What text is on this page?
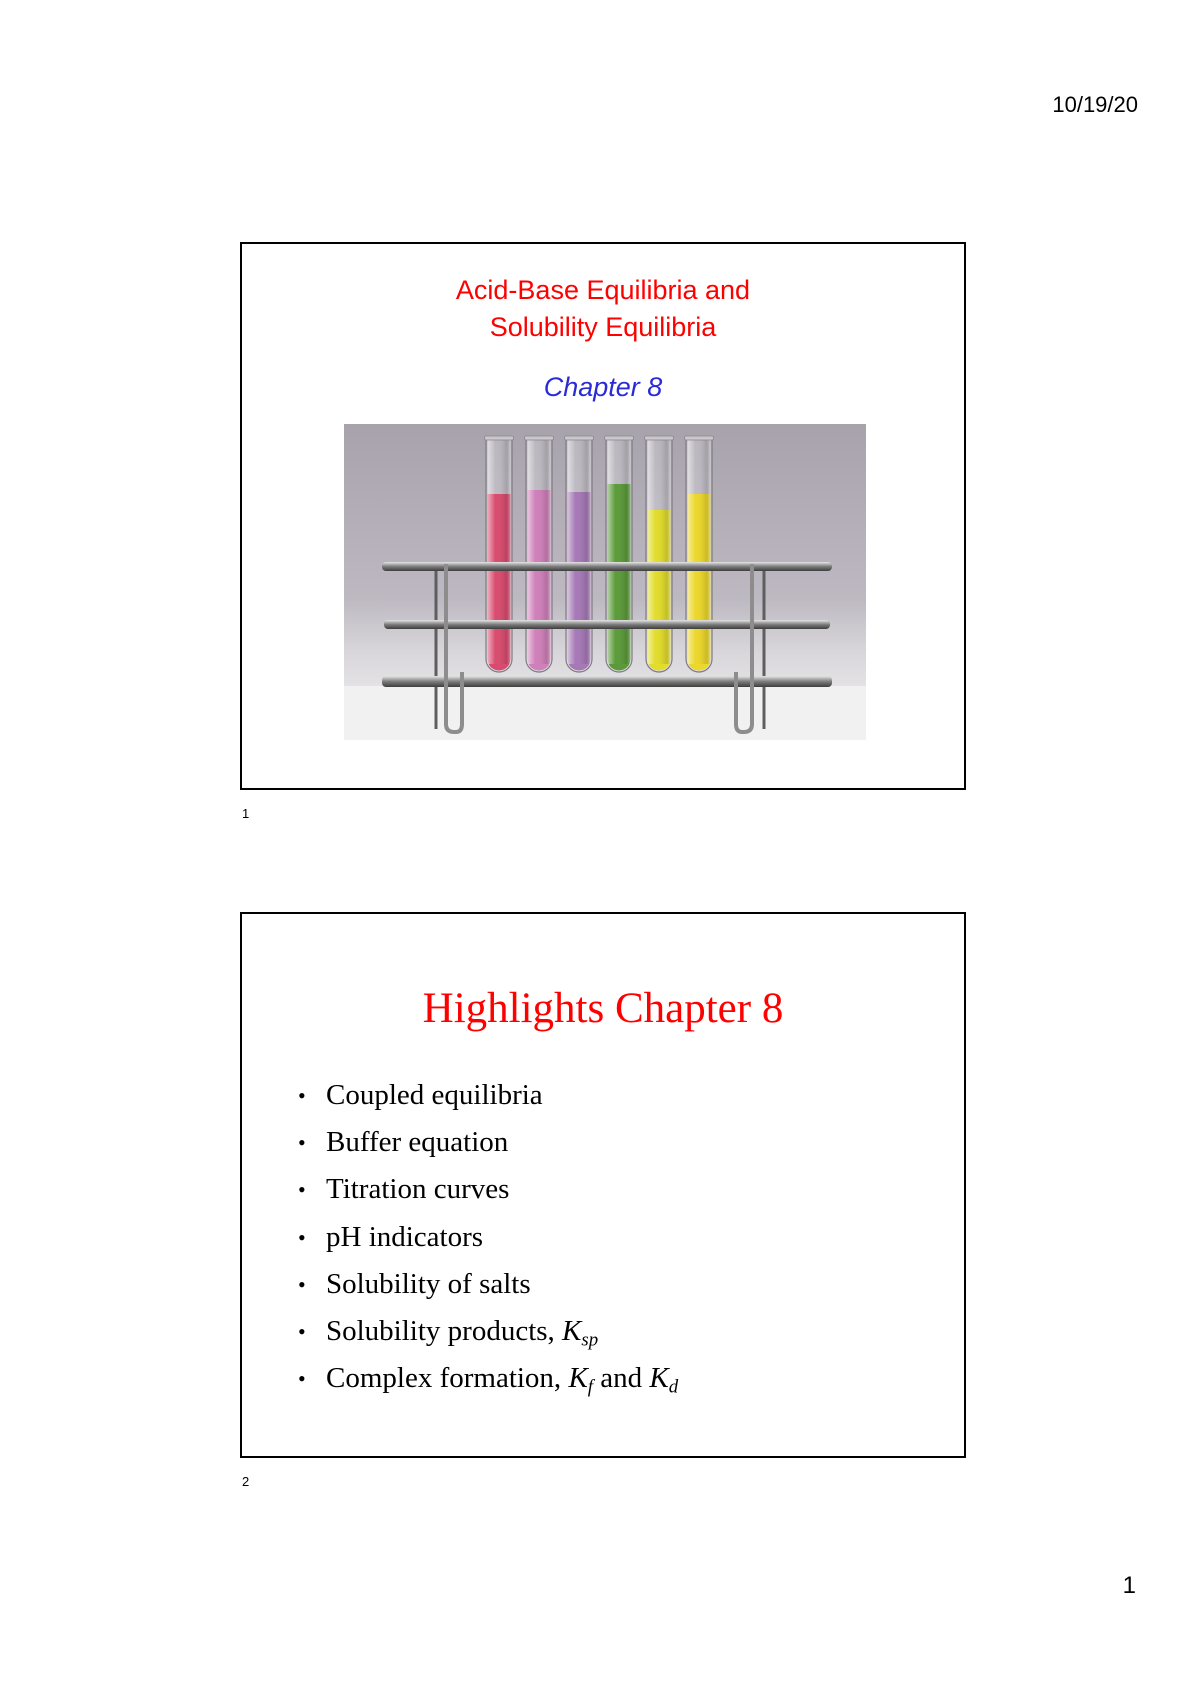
10/19/20
Acid-Base Equilibria and
Solubility Equilibria
Chapter 8
1
Highlights Chapter 8
• Coupled equilibria
• Buffer equation
• Titration curves
• pH indicators
• Solubility of salts
• Solubility products, Ksp
• Complex formation, Kf and Kd
2
1
